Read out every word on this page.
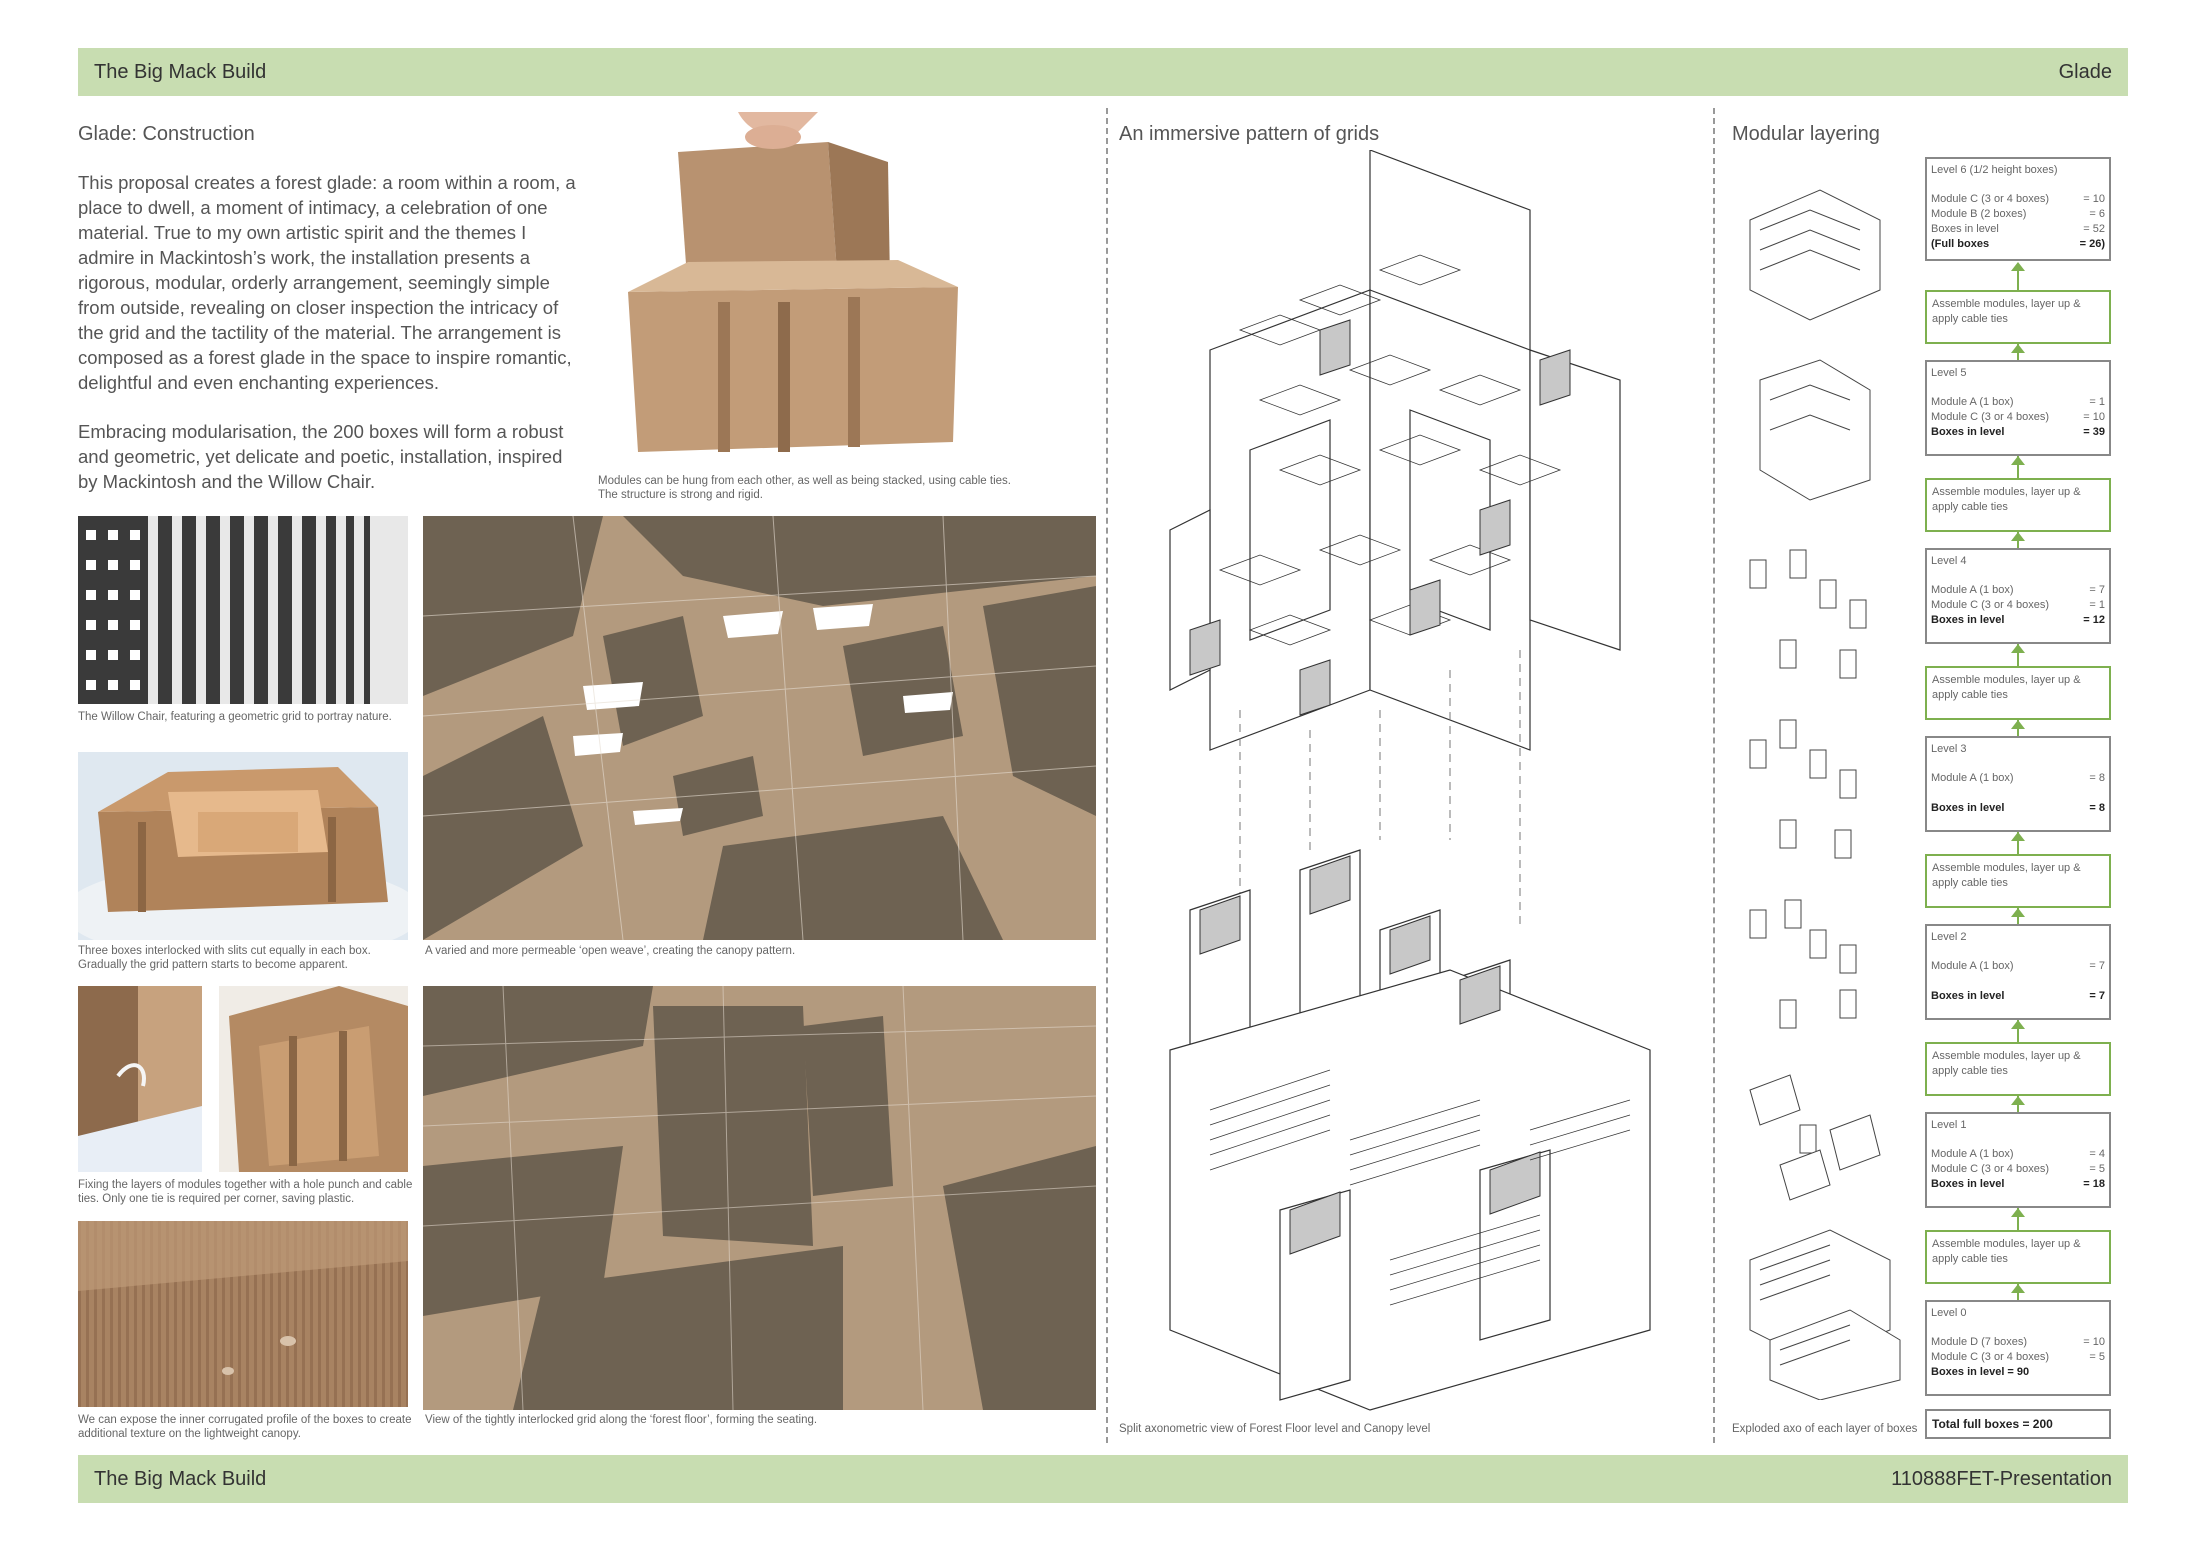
The Big Mack Build	Glade
Glade: Construction

This proposal creates a forest glade: a room within a room, a place to dwell, a moment of intimacy, a celebration of one material. True to my own artistic spirit and the themes I admire in Mackintosh’s work, the installation presents a rigorous, modular, orderly arrangement, seemingly simple from outside, revealing on closer inspection the intricacy of the grid and the tactility of the material. The arrangement is composed as a forest glade in the space to inspire romantic, delightful and even enchanting experiences.

Embracing modularisation, the 200 boxes will form a robust and geometric, yet delicate and poetic, installation, inspired by Mackintosh and the Willow Chair.	Modules can be hung from each other, as well as being stacked, using cable ties. The structure is strong and rigid.
The Willow Chair, featuring a geometric grid to portray nature.
Three boxes interlocked with slits cut equally in each box. Gradually the grid pattern starts to become apparent.
Fixing the layers of modules together with a hole punch and cable ties. Only one tie is required per corner, saving plastic.
We can expose the inner corrugated profile of the boxes to create additional texture on the lightweight canopy.
A varied and more permeable ‘open weave’, creating the canopy pattern.
View of the tightly interlocked grid along the ‘forest floor’, forming the seating.
An immersive pattern of grids
Split axonometric view of Forest Floor level and Canopy level
Modular layering
Exploded axo of each layer of boxes
Level 6 (1/2 height boxes)
Module C (3 or 4 boxes)	= 10
Module B (2 boxes)	= 6
Boxes in level	= 52
(Full boxes	= 26)
Level 5
Module A (1 box)	= 1
Module C (3 or 4 boxes)	= 10
Boxes in level	= 39
Level 4
Module A (1 box)	= 7
Module C (3 or 4 boxes)	= 1
Boxes in level	= 12
Level 3
Module A (1 box)	= 8
Boxes in level	= 8
Level 2
Module A (1 box)	= 7
Boxes in level	= 7
Level 1
Module A (1 box)	= 4
Module C (3 or 4 boxes)	= 5
Boxes in level	= 18
Level 0
Module D (7 boxes)	= 10
Module C (3 or 4 boxes)	= 5
Boxes in level = 90
Assemble modules, layer up & apply cable ties
Assemble modules, layer up & apply cable ties
Assemble modules, layer up & apply cable ties
Assemble modules, layer up & apply cable ties
Assemble modules, layer up & apply cable ties
Assemble modules, layer up & apply cable ties
Total full boxes = 200
The Big Mack Build	110888FET-Presentation
